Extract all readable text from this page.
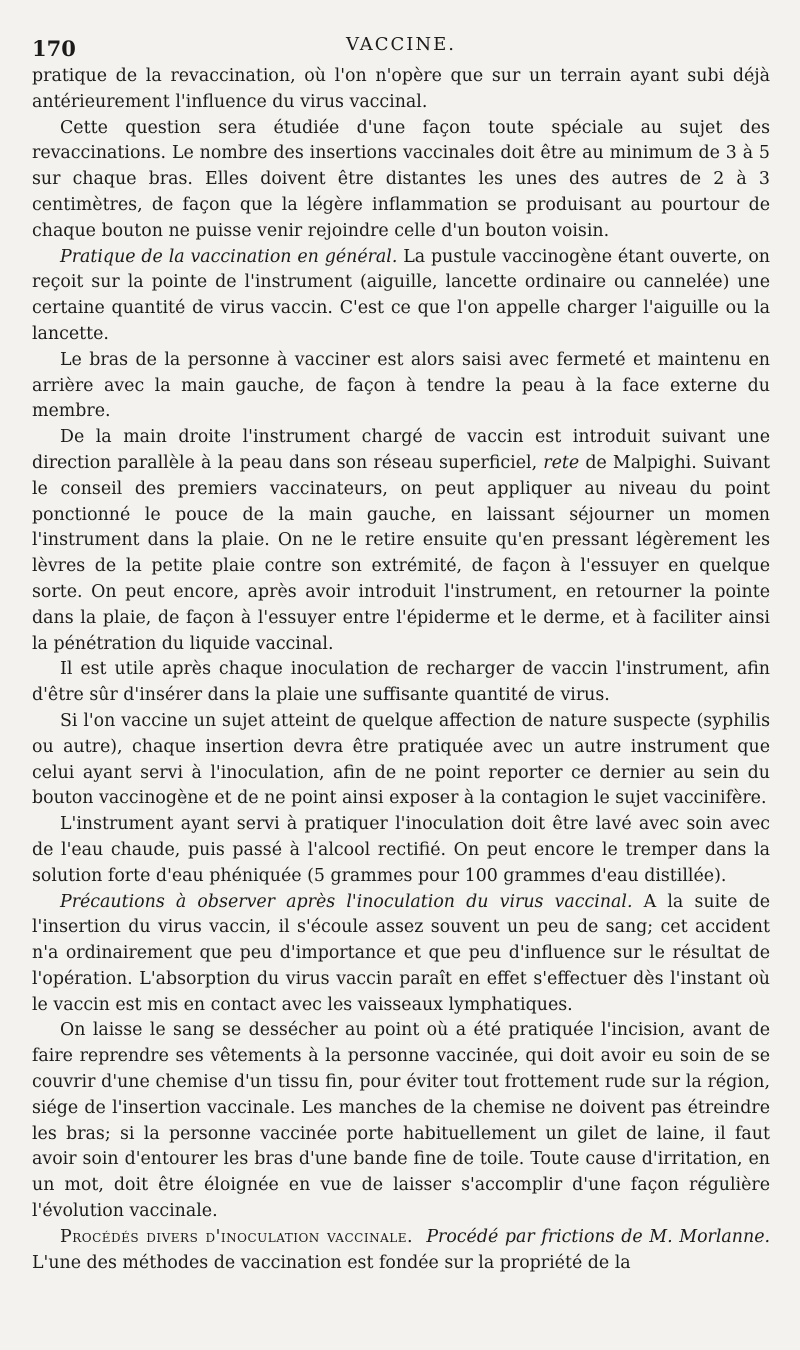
170	VACCINE.

pratique de la revaccination, où l'on n'opère que sur un terrain ayant subi déjà antérieurement l'influence du virus vaccinal.

Cette question sera étudiée d'une façon toute spéciale au sujet des revaccinations. Le nombre des insertions vaccinales doit être au minimum de 3 à 5 sur chaque bras. Elles doivent être distantes les unes des autres de 2 à 3 centimètres, de façon que la légère inflammation se produisant au pourtour de chaque bouton ne puisse venir rejoindre celle d'un bouton voisin.

Pratique de la vaccination en général. La pustule vaccinogène étant ouverte, on reçoit sur la pointe de l'instrument (aiguille, lancette ordinaire ou cannelée) une certaine quantité de virus vaccin. C'est ce que l'on appelle charger l'aiguille ou la lancette.

Le bras de la personne à vacciner est alors saisi avec fermeté et maintenu en arrière avec la main gauche, de façon à tendre la peau à la face externe du membre.

De la main droite l'instrument chargé de vaccin est introduit suivant une direction parallèle à la peau dans son réseau superficiel, rete de Malpighi. Suivant le conseil des premiers vaccinateurs, on peut appliquer au niveau du point ponctionné le pouce de la main gauche, en laissant séjourner un momen l'instrument dans la plaie. On ne le retire ensuite qu'en pressant légèrement les lèvres de la petite plaie contre son extrémité, de façon à l'essuyer en quelque sorte. On peut encore, après avoir introduit l'instrument, en retourner la pointe dans la plaie, de façon à l'essuyer entre l'épiderme et le derme, et à faciliter ainsi la pénétration du liquide vaccinal.

Il est utile après chaque inoculation de recharger de vaccin l'instrument, afin d'être sûr d'insérer dans la plaie une suffisante quantité de virus.

Si l'on vaccine un sujet atteint de quelque affection de nature suspecte (syphilis ou autre), chaque insertion devra être pratiquée avec un autre instrument que celui ayant servi à l'inoculation, afin de ne point reporter ce dernier au sein du bouton vaccinogène et de ne point ainsi exposer à la contagion le sujet vaccinifère.

L'instrument ayant servi à pratiquer l'inoculation doit être lavé avec soin avec de l'eau chaude, puis passé à l'alcool rectifié. On peut encore le tremper dans la solution forte d'eau phéniquée (5 grammes pour 100 grammes d'eau distillée).

Précautions à observer après l'inoculation du virus vaccinal. A la suite de l'insertion du virus vaccin, il s'écoule assez souvent un peu de sang; cet accident n'a ordinairement que peu d'importance et que peu d'influence sur le résultat de l'opération. L'absorption du virus vaccin paraît en effet s'effectuer dès l'instant où le vaccin est mis en contact avec les vaisseaux lymphatiques.

On laisse le sang se dessécher au point où a été pratiquée l'incision, avant de faire reprendre ses vêtements à la personne vaccinée, qui doit avoir eu soin de se couvrir d'une chemise d'un tissu fin, pour éviter tout frottement rude sur la région, siége de l'insertion vaccinale. Les manches de la chemise ne doivent pas étreindre les bras; si la personne vaccinée porte habituellement un gilet de laine, il faut avoir soin d'entourer les bras d'une bande fine de toile. Toute cause d'irritation, en un mot, doit être éloignée en vue de laisser s'accomplir d'une façon régulière l'évolution vaccinale.

Procédés divers d'inoculation vaccinale. Procédé par frictions de M. Morlanne. L'une des méthodes de vaccination est fondée sur la propriété de la
